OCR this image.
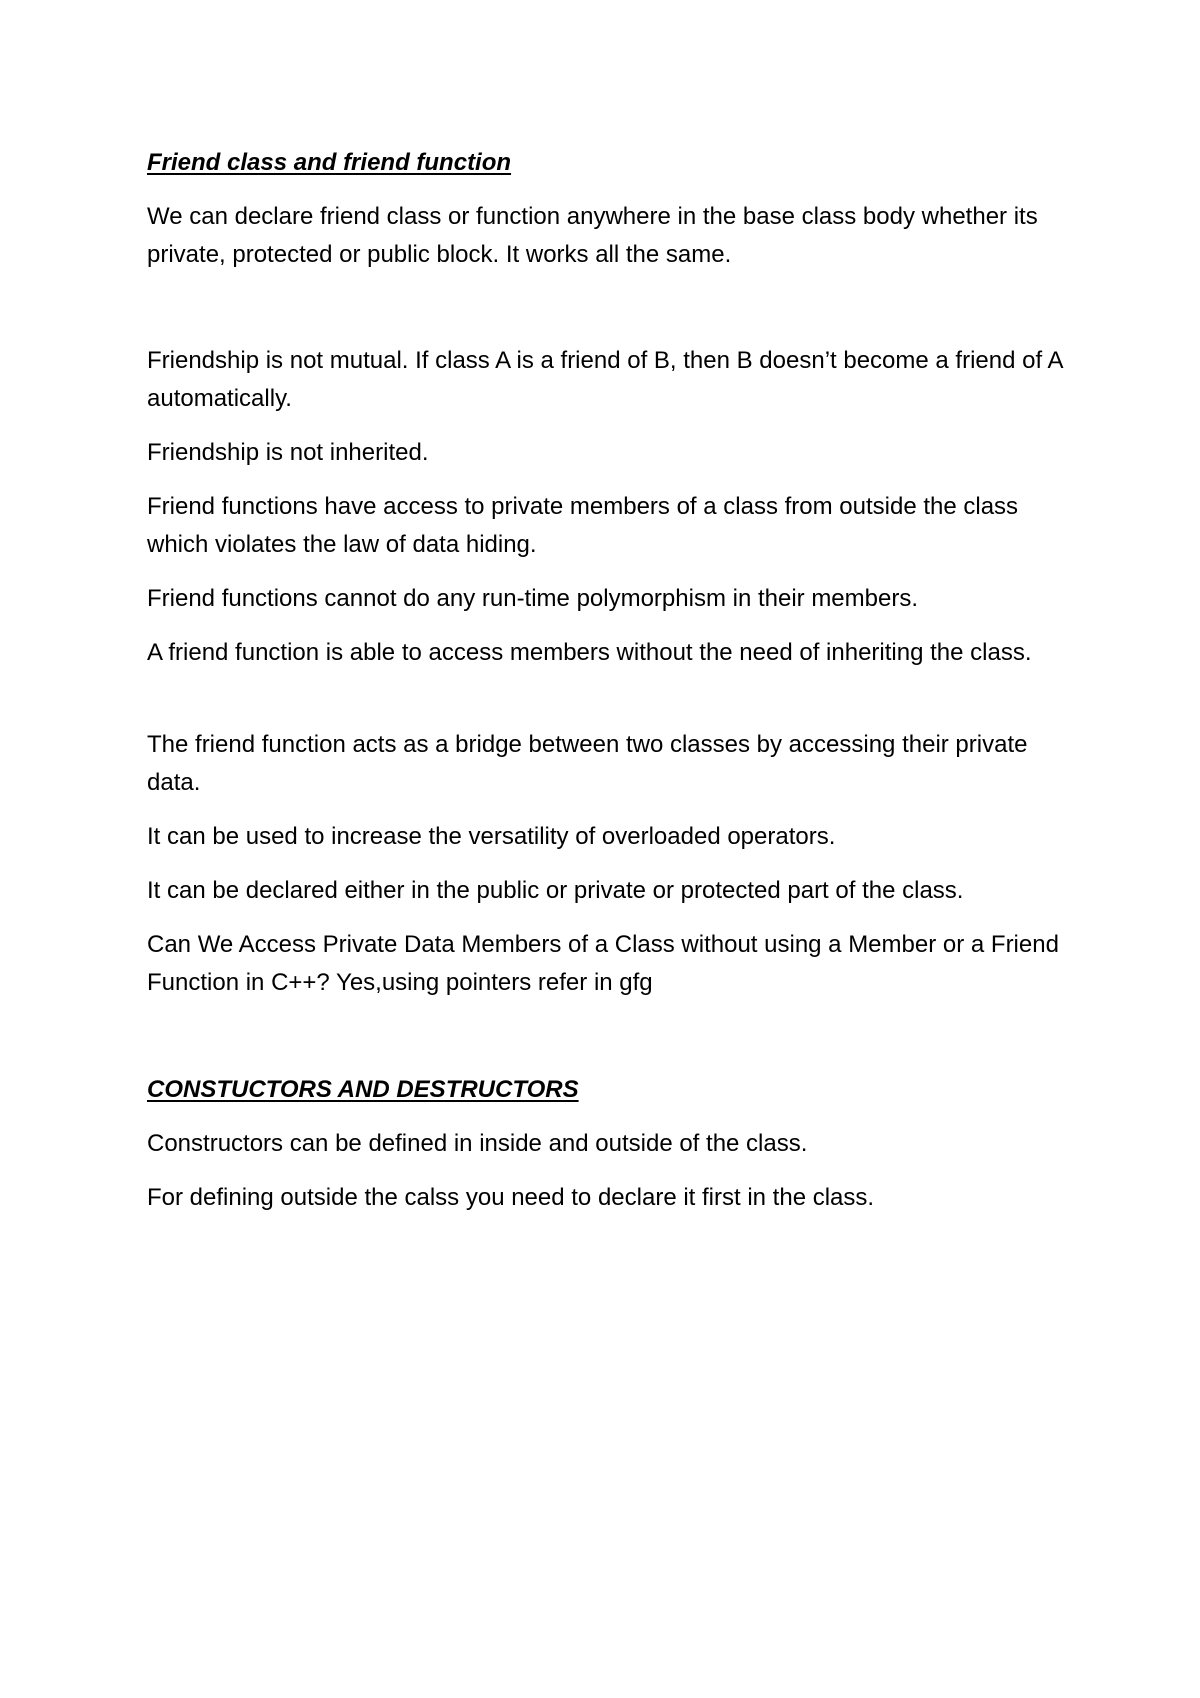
Friend class and friend function

We can declare friend class or function anywhere in the base class body whether its private, protected or public block. It works all the same.

Friendship is not mutual. If class A is a friend of B, then B doesn’t become a friend of A automatically.

Friendship is not inherited.

Friend functions have access to private members of a class from outside the class which violates the law of data hiding.

Friend functions cannot do any run-time polymorphism in their members.

A friend function is able to access members without the need of inheriting the class.

The friend function acts as a bridge between two classes by accessing their private data.

It can be used to increase the versatility of overloaded operators.

It can be declared either in the public or private or protected part of the class.

Can We Access Private Data Members of a Class without using a Member or a Friend Function in C++? Yes,using pointers refer in gfg

CONSTUCTORS AND DESTRUCTORS

Constructors can be defined in inside and outside of the class.

For defining outside the calss you need to declare it first in the class.
